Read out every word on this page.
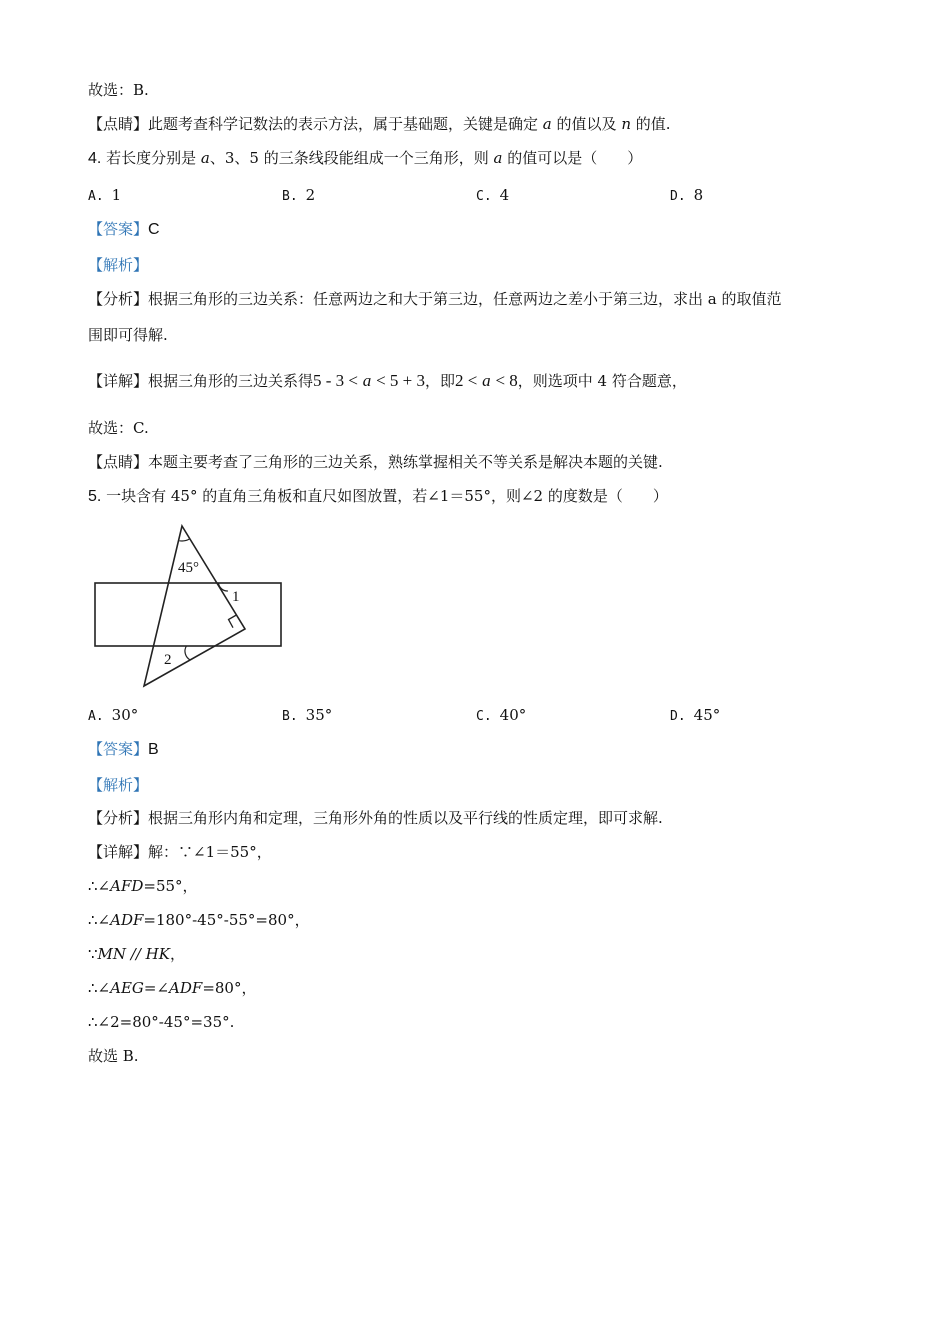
故选：B.
【点睛】此题考查科学记数法的表示方法，属于基础题，关键是确定 a 的值以及 n 的值.
4. 若长度分别是 a、3、5 的三条线段能组成一个三角形，则 a 的值可以是（　　）
A. 1	B. 2	C. 4	D. 8
【答案】C
【解析】
【分析】根据三角形的三边关系：任意两边之和大于第三边，任意两边之差小于第三边，求出 a 的取值范
围即可得解.
【详解】根据三角形的三边关系得5 - 3 < a < 5 + 3，即2 < a < 8，则选项中 4 符合题意，
故选：C.
【点睛】本题主要考查了三角形的三边关系，熟练掌握相关不等关系是解决本题的关键.
5. 一块含有 45° 的直角三角板和直尺如图放置，若∠1＝55°，则∠2 的度数是（　　）
45°
1
2
A. 30°	B. 35°	C. 40°	D. 45°
【答案】B
【解析】
【分析】根据三角形内角和定理，三角形外角的性质以及平行线的性质定理，即可求解.
【详解】解：∵∠1＝55°，
∴∠AFD=55°，
∴∠ADF=180°-45°-55°=80°，
∵MN // HK，
∴∠AEG=∠ADF=80°，
∴∠2=80°-45°=35°.
故选 B.
